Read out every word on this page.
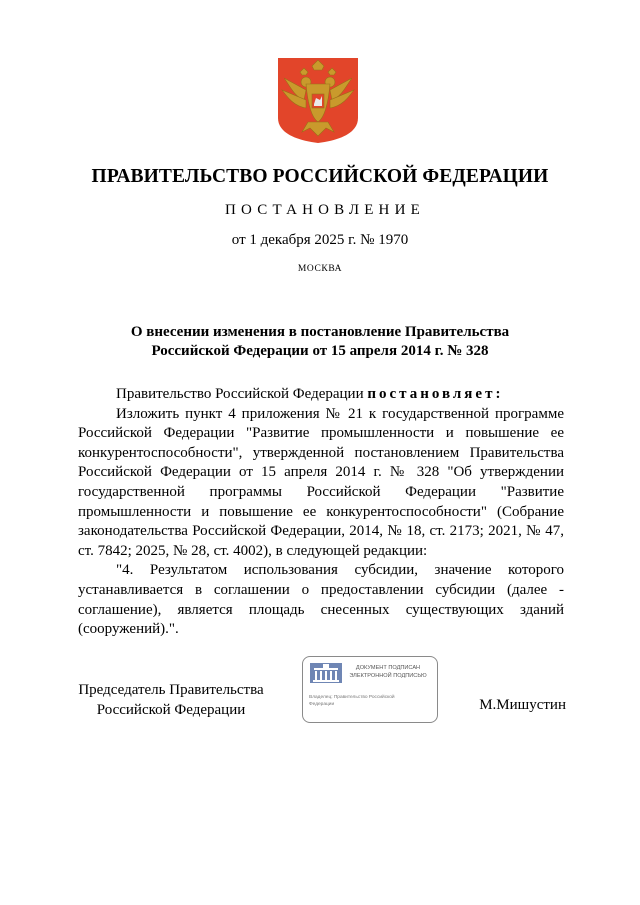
ПРАВИТЕЛЬСТВО РОССИЙСКОЙ ФЕДЕРАЦИИ
ПОСТАНОВЛЕНИЕ
от 1 декабря 2025 г. № 1970
МОСКВА
О внесении изменения в постановление Правительства
Российской Федерации от 15 апреля 2014 г. № 328
Правительство Российской Федерации постановляет:
Изложить пункт 4 приложения № 21 к государственной программе
Российской Федерации "Развитие промышленности и повышение ее
конкурентоспособности", утвержденной постановлением Правительства
Российской Федерации от 15 апреля 2014 г. № 328 "Об утверждении
государственной программы Российской Федерации "Развитие
промышленности и повышение ее конкурентоспособности" (Собрание
законодательства Российской Федерации, 2014, № 18, ст. 2173; 2021, № 47,
ст. 7842; 2025, № 28, ст. 4002), в следующей редакции:
"4. Результатом использования субсидии, значение которого
устанавливается в соглашении о предоставлении субсидии (далее -
соглашение), является площадь снесенных существующих зданий
(сооружений).".
Председатель Правительства
Российской Федерации
ДОКУМЕНТ ПОДПИСАН
ЭЛЕКТРОННОЙ ПОДПИСЬЮ
Владелец: Правительство Российской
Федерации	М.Мишустин
